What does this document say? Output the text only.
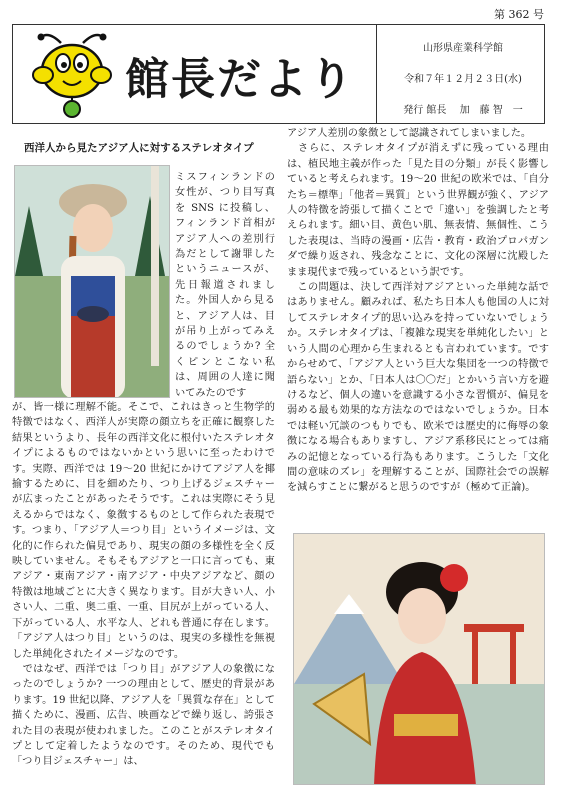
第 362 号
館長だより
山形県産業科学館
令和７年１２月２３日(水)
発行 館長　 加　藤 智　一
西洋人から見たアジア人に対するステレオタイプ

ミスフィンランドの女性が、つり目写真を SNS に投稿し、フィンランド首相がアジア人への差別行為だとして謝罪したというニュースが、先日報道されました。外国人から見ると、アジア人は、目が吊り上がってみえるのでしょうか? 全くピンとこない私は、周囲の人達に聞いてみたのです

が、皆一様に理解不能。そこで、これはきっと生物学的特徴ではなく、西洋人が実際の顔立ちを正確に観察した結果というより、長年の西洋文化に根付いたステレオタイプによるものではないかという思いに至ったわけです。実際、西洋では 19～20 世紀にかけてアジア人を揶揄するために、目を細めたり、つり上げるジェスチャーが広まったことがあったそうです。これは実際にそう見えるからではなく、象徴するものとして作られた表現です。つまり、「アジア人＝つり目」というイメージは、文化的に作られた偏見であり、現実の顔の多様性を全く反映していません。そもそもアジアと一口に言っても、東アジア・東南アジア・南アジア・中央アジアなど、顔の特徴は地域ごとに大きく異なります。目が大きい人、小さい人、二重、奥二重、一重、目尻が上がっている人、下がっている人、水平な人、どれも普通に存在します。「アジア人はつり目」というのは、現実の多様性を無視した単純化されたイメージなのです。

　ではなぜ、西洋では「つり目」がアジア人の象徴になったのでしょうか? 一つの理由として、歴史的背景があります。19 世紀以降、アジア人を「異質な存在」として描くために、漫画、広告、映画などで繰り返し、誇張された目の表現が使われました。このことがステレオタイプとして定着したようなのです。そのため、現代でも「つり目ジェスチャー」は、

アジア人差別の象徴として認識されてしまいました。

　さらに、ステレオタイプが消えずに残っている理由は、植民地主義が作った「見た目の分類」が長く影響していると考えられます。19～20 世紀の欧米では、「自分たち＝標準」「他者＝異質」という世界観が強く、アジア人の特徴を誇張して描くことで「違い」を強調したと考えられます。細い目、黄色い肌、無表情、無個性、こうした表現は、当時の漫画・広告・教育・政治プロパガンダで繰り返され、残念なことに、文化の深層に沈殿したまま現代まで残っているという訳です。

　この問題は、決して西洋対アジアといった単純な話ではありません。顧みれば、私たち日本人も他国の人に対してステレオタイプ的思い込みを持っていないでしょうか。ステレオタイプは、「複雑な現実を単純化したい」という人間の心理から生まれるとも言われています。ですからせめて、「アジア人という巨大な集団を一つの特徴で語らない」とか、「日本人は〇〇だ」とかいう言い方を避けるなど、個人の違いを意識する小さな習慣が、偏見を弱める最も効果的な方法なのではないでしょうか。日本では軽い冗談のつもりでも、欧米では歴史的に侮辱の象徴になる場合もありますし、アジア系移民にとっては痛みの記憶となっている行為もあります。こうした「文化間の意味のズレ」を理解することが、国際社会での誤解を減らすことに繋がると思うのですが（極めて正論)。
